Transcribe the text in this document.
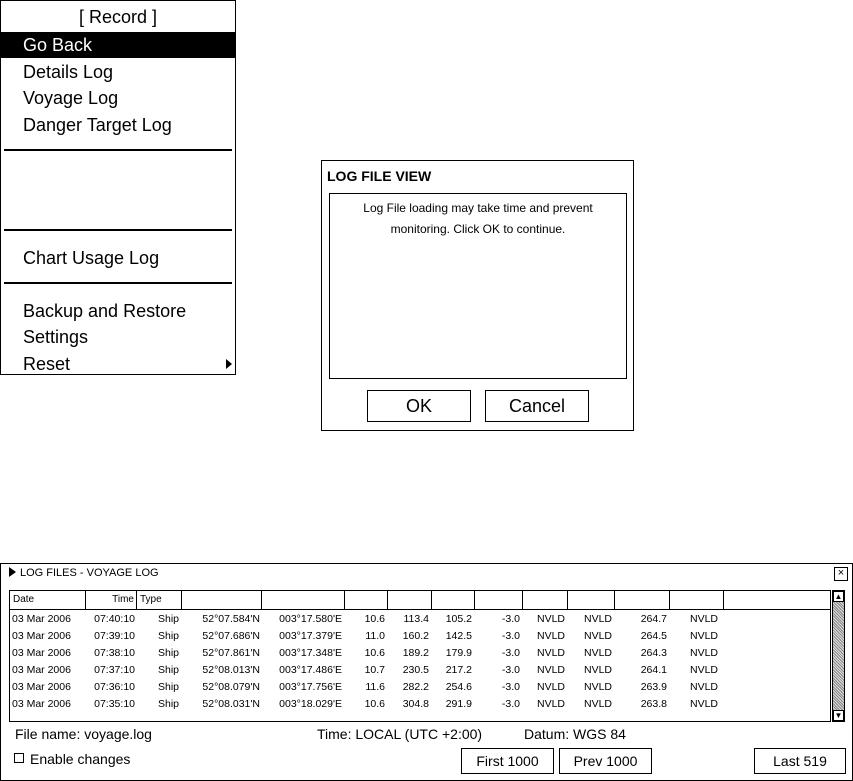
[ Record ]
Go Back
Details Log
Voyage Log
Danger Target Log
Chart Usage Log
Backup and Restore
Settings
Reset
LOG FILE VIEW
Log File loading may take time and prevent
monitoring. Click OK to continue.
OK	Cancel
LOG FILES - VOYAGE LOG	×
Date	Time Type
03 Mar 2006	07:40:10	Ship	52°07.584'N	003°17.580'E	10.6	113.4	105.2	-3.0	NVLD	NVLD	264.7	NVLD
03 Mar 2006	07:39:10	Ship	52°07.686'N	003°17.379'E	11.0	160.2	142.5	-3.0	NVLD	NVLD	264.5	NVLD
03 Mar 2006	07:38:10	Ship	52°07.861'N	003°17.348'E	10.6	189.2	179.9	-3.0	NVLD	NVLD	264.3	NVLD
03 Mar 2006	07:37:10	Ship	52°08.013'N	003°17.486'E	10.7	230.5	217.2	-3.0	NVLD	NVLD	264.1	NVLD
03 Mar 2006	07:36:10	Ship	52°08.079'N	003°17.756'E	11.6	282.2	254.6	-3.0	NVLD	NVLD	263.9	NVLD
03 Mar 2006	07:35:10	Ship	52°08.031'N	003°18.029'E	10.6	304.8	291.9	-3.0	NVLD	NVLD	263.8	NVLD
▲
▼
File name: voyage.log	Time: LOCAL (UTC +2:00)	Datum: WGS 84
Enable changes	First 1000	Prev 1000	Last 519
